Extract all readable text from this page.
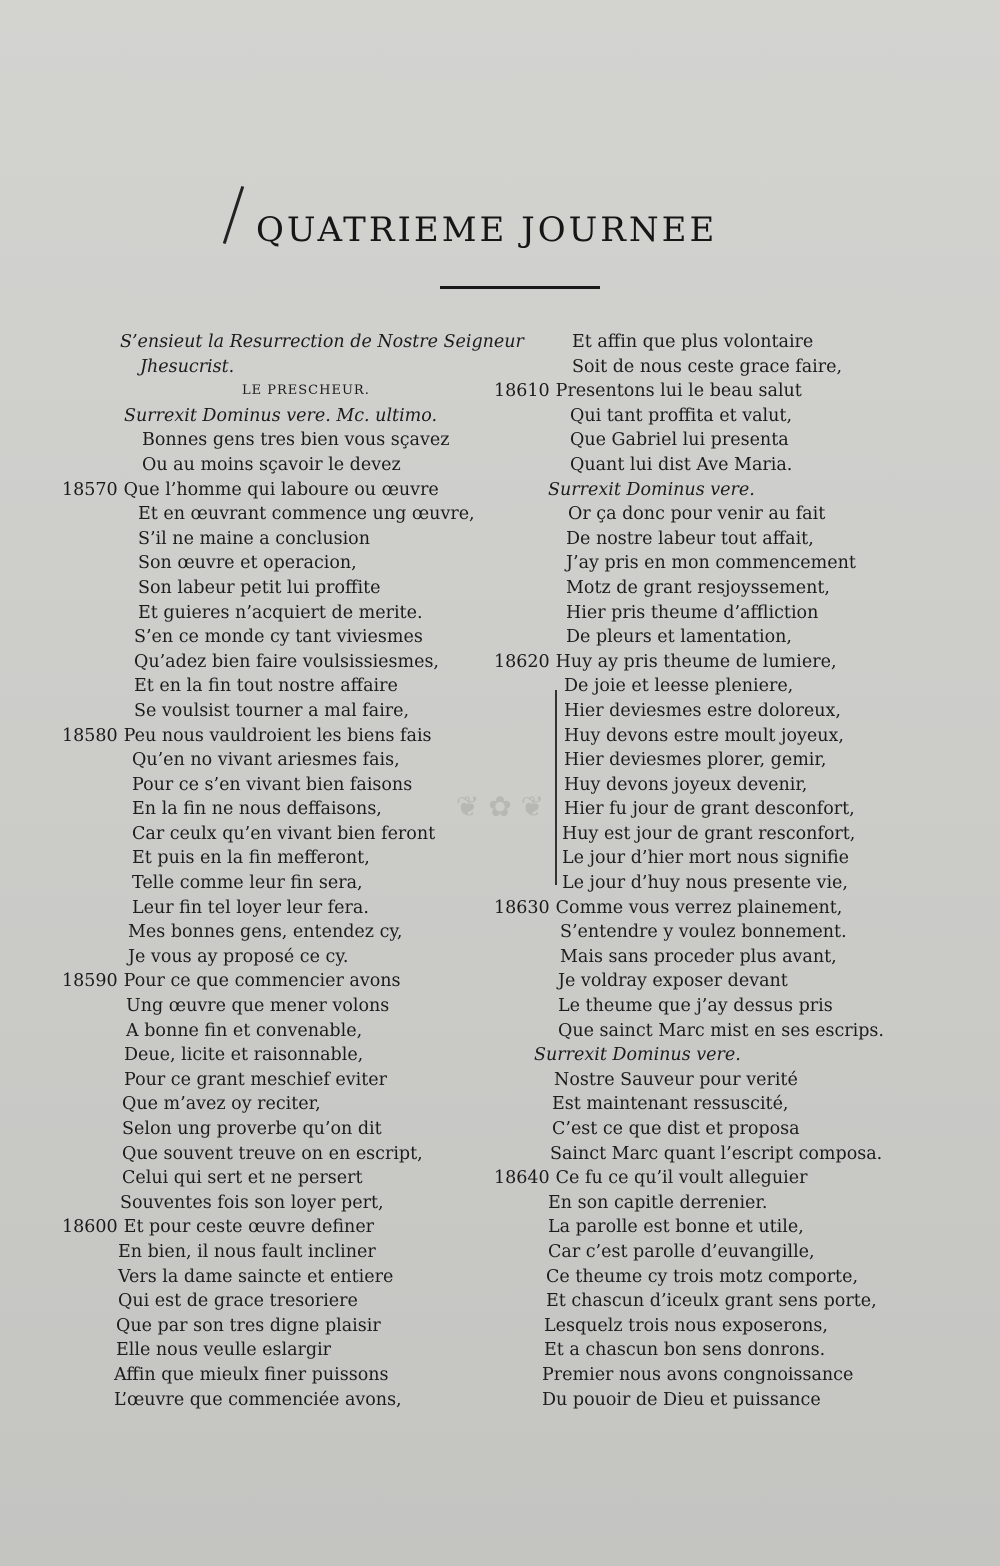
QUATRIEME JOURNEE
❦ ✿ ❦
S’ensieut la Resurrection de Nostre Seigneur
Jhesucrist.
LE PRESCHEUR.
Surrexit Dominus vere. Mc. ultimo.
Bonnes gens tres bien vous sçavez
Ou au moins sçavoir le devez
18570 Que l’homme qui laboure ou œuvre
Et en œuvrant commence ung œuvre,
S’il ne maine a conclusion
Son œuvre et operacion,
Son labeur petit lui proffite
Et guieres n’acquiert de merite.
S’en ce monde cy tant viviesmes
Qu’adez bien faire voulsissiesmes,
Et en la fin tout nostre affaire
Se voulsist tourner a mal faire,
18580 Peu nous vauldroient les biens fais
Qu’en no vivant ariesmes fais,
Pour ce s’en vivant bien faisons
En la fin ne nous deffaisons,
Car ceulx qu’en vivant bien feront
Et puis en la fin mefferont,
Telle comme leur fin sera,
Leur fin tel loyer leur fera.
Mes bonnes gens, entendez cy,
Je vous ay proposé ce cy.
18590 Pour ce que commencier avons
Ung œuvre que mener volons
A bonne fin et convenable,
Deue, licite et raisonnable,
Pour ce grant meschief eviter
Que m’avez oy reciter,
Selon ung proverbe qu’on dit
Que souvent treuve on en escript,
Celui qui sert et ne persert
Souventes fois son loyer pert,
18600 Et pour ceste œuvre definer
En bien, il nous fault incliner
Vers la dame saincte et entiere
Qui est de grace tresoriere
Que par son tres digne plaisir
Elle nous veulle eslargir
Affin que mieulx finer puissons
L’œuvre que commenciée avons,
Et affin que plus volontaire
Soit de nous ceste grace faire,
18610 Presentons lui le beau salut
Qui tant proffita et valut,
Que Gabriel lui presenta
Quant lui dist Ave Maria.
Surrexit Dominus vere.
Or ça donc pour venir au fait
De nostre labeur tout affait,
J’ay pris en mon commencement
Motz de grant resjoyssement,
Hier pris theume d’affliction
De pleurs et lamentation,
18620 Huy ay pris theume de lumiere,
De joie et leesse pleniere,
Hier deviesmes estre doloreux,
Huy devons estre moult joyeux,
Hier deviesmes plorer, gemir,
Huy devons joyeux devenir,
Hier fu jour de grant desconfort,
Huy est jour de grant resconfort,
Le jour d’hier mort nous signifie
Le jour d’huy nous presente vie,
18630 Comme vous verrez plainement,
S’entendre y voulez bonnement.
Mais sans proceder plus avant,
Je voldray exposer devant
Le theume que j’ay dessus pris
Que sainct Marc mist en ses escrips.
Surrexit Dominus vere.
Nostre Sauveur pour verité
Est maintenant ressuscité,
C’est ce que dist et proposa
Sainct Marc quant l’escript composa.
18640 Ce fu ce qu’il voult alleguier
En son capitle derrenier.
La parolle est bonne et utile,
Car c’est parolle d’euvangille,
Ce theume cy trois motz comporte,
Et chascun d’iceulx grant sens porte,
Lesquelz trois nous exposerons,
Et a chascun bon sens donrons.
Premier nous avons congnoissance
Du pouoir de Dieu et puissance
